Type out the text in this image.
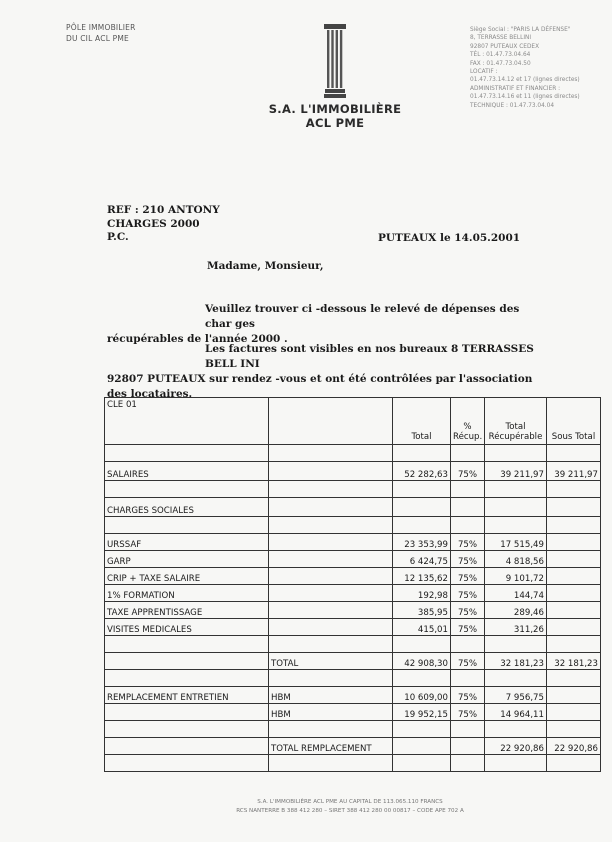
PÔLE IMMOBILIER
DU CIL ACL PME
S.A. L'IMMOBILIÈRE
ACL PME
Siège Social : "PARIS LA DÉFENSE"
8, TERRASSE BELLINI
92807 PUTEAUX CEDEX
TÉL : 01.47.73.04.64
FAX : 01.47.73.04.50
LOCATIF :
01.47.73.14.12 et 17 (lignes directes)
ADMINISTRATIF ET FINANCIER :
01.47.73.14.16 et 11 (lignes directes)
TECHNIQUE : 01.47.73.04.04
REF : 210 ANTONY
CHARGES 2000
P.C.	PUTEAUX le 14.05.2001
Madame, Monsieur,
Veuillez trouver ci -dessous le relevé de dépenses des char ges
récupérables de l'année 2000 .
Les factures sont visibles en nos bureaux 8 TERRASSES BELL INI
92807 PUTEAUX sur rendez -vous et ont été contrôlées par l'association des locataires.
CLE 01		Total	% Récup.	Total Récupérable	Sous Total

SALAIRES		52 282,63	75%	39 211,97	39 211,97

CHARGES SOCIALES					

URSSAF		23 353,99	75%	17 515,49	
GARP		6 424,75	75%	4 818,56	
CRIP + TAXE SALAIRE		12 135,62	75%	9 101,72	
1% FORMATION		192,98	75%	144,74	
TAXE APPRENTISSAGE		385,95	75%	289,46	
VISITES MEDICALES		415,01	75%	311,26	

	TOTAL	42 908,30	75%	32 181,23	32 181,23

REMPLACEMENT ENTRETIEN	HBM	10 609,00	75%	7 956,75	
	HBM	19 952,15	75%	14 964,11	

	TOTAL REMPLACEMENT			22 920,86	22 920,86

S.A. L'IMMOBILIÈRE ACL PME AU CAPITAL DE 113.065.110 FRANCS
RCS NANTERRE B 388 412 280 – SIRET 388 412 280 00 00817 – CODE APE 702 A
